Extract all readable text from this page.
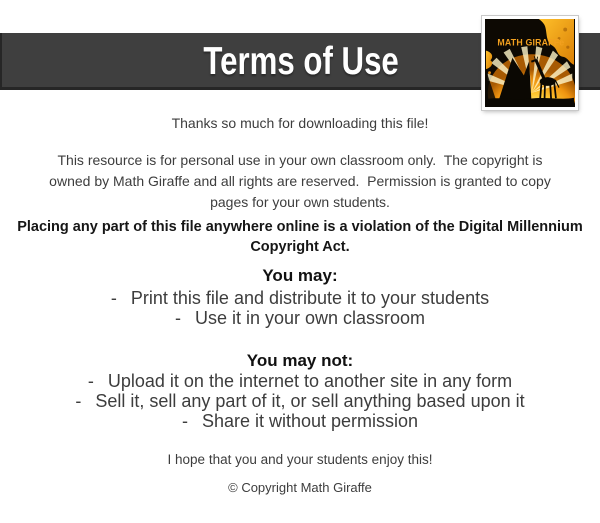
Terms of Use	MATH GIRAFFe
Thanks so much for downloading this file!
This resource is for personal use in your own classroom only.  The copyright is
owned by Math Giraffe and all rights are reserved.  Permission is granted to copy
pages for your own students.
Placing any part of this file anywhere online is a violation of the Digital Millennium
Copyright Act.
You may:
- Print this file and distribute it to your students
- Use it in your own classroom
You may not:
- Upload it on the internet to another site in any form
- Sell it, sell any part of it, or sell anything based upon it
- Share it without permission
I hope that you and your students enjoy this!
© Copyright Math Giraffe
